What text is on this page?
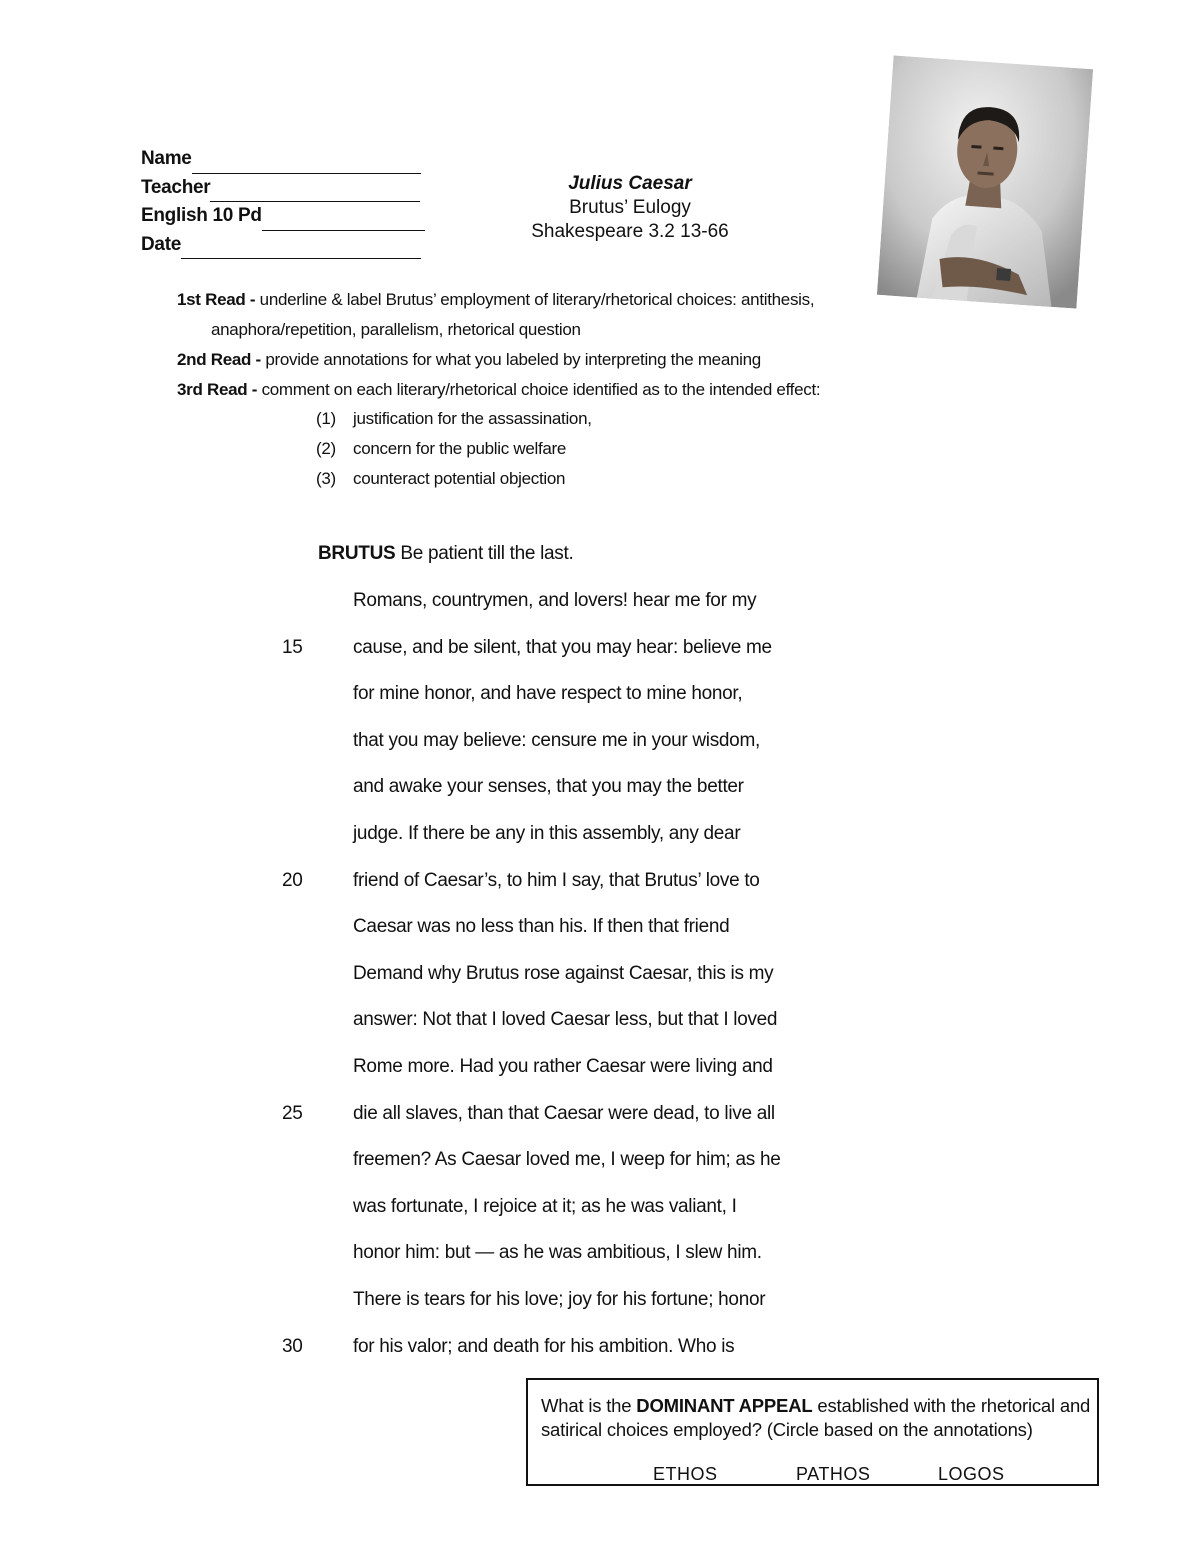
Name
Teacher
English 10 Pd
Date
Julius Caesar
Brutus’ Eulogy
Shakespeare 3.2 13-66
1st Read - underline & label Brutus’ employment of literary/rhetorical choices: antithesis,
anaphora/repetition, parallelism, rhetorical question
2nd Read - provide annotations for what you labeled by interpreting the meaning
3rd Read - comment on each literary/rhetorical choice identified as to the intended effect:
(1) justification for the assassination,
(2) concern for the public welfare
(3) counteract potential objection
BRUTUS Be patient till the last.
Romans, countrymen, and lovers! hear me for my
15	cause, and be silent, that you may hear: believe me
for mine honor, and have respect to mine honor,
that you may believe: censure me in your wisdom,
and awake your senses, that you may the better
judge. If there be any in this assembly, any dear
20	friend of Caesar’s, to him I say, that Brutus’ love to
Caesar was no less than his. If then that friend
Demand why Brutus rose against Caesar, this is my
answer: Not that I loved Caesar less, but that I loved
Rome more. Had you rather Caesar were living and
25	die all slaves, than that Caesar were dead, to live all
freemen? As Caesar loved me, I weep for him; as he
was fortunate, I rejoice at it; as he was valiant, I
honor him: but — as he was ambitious, I slew him.
There is tears for his love; joy for his fortune; honor
30	for his valor; and death for his ambition. Who is
What is the DOMINANT APPEAL established with the rhetorical and satirical choices employed? (Circle based on the annotations)
ETHOS	PATHOS	LOGOS
